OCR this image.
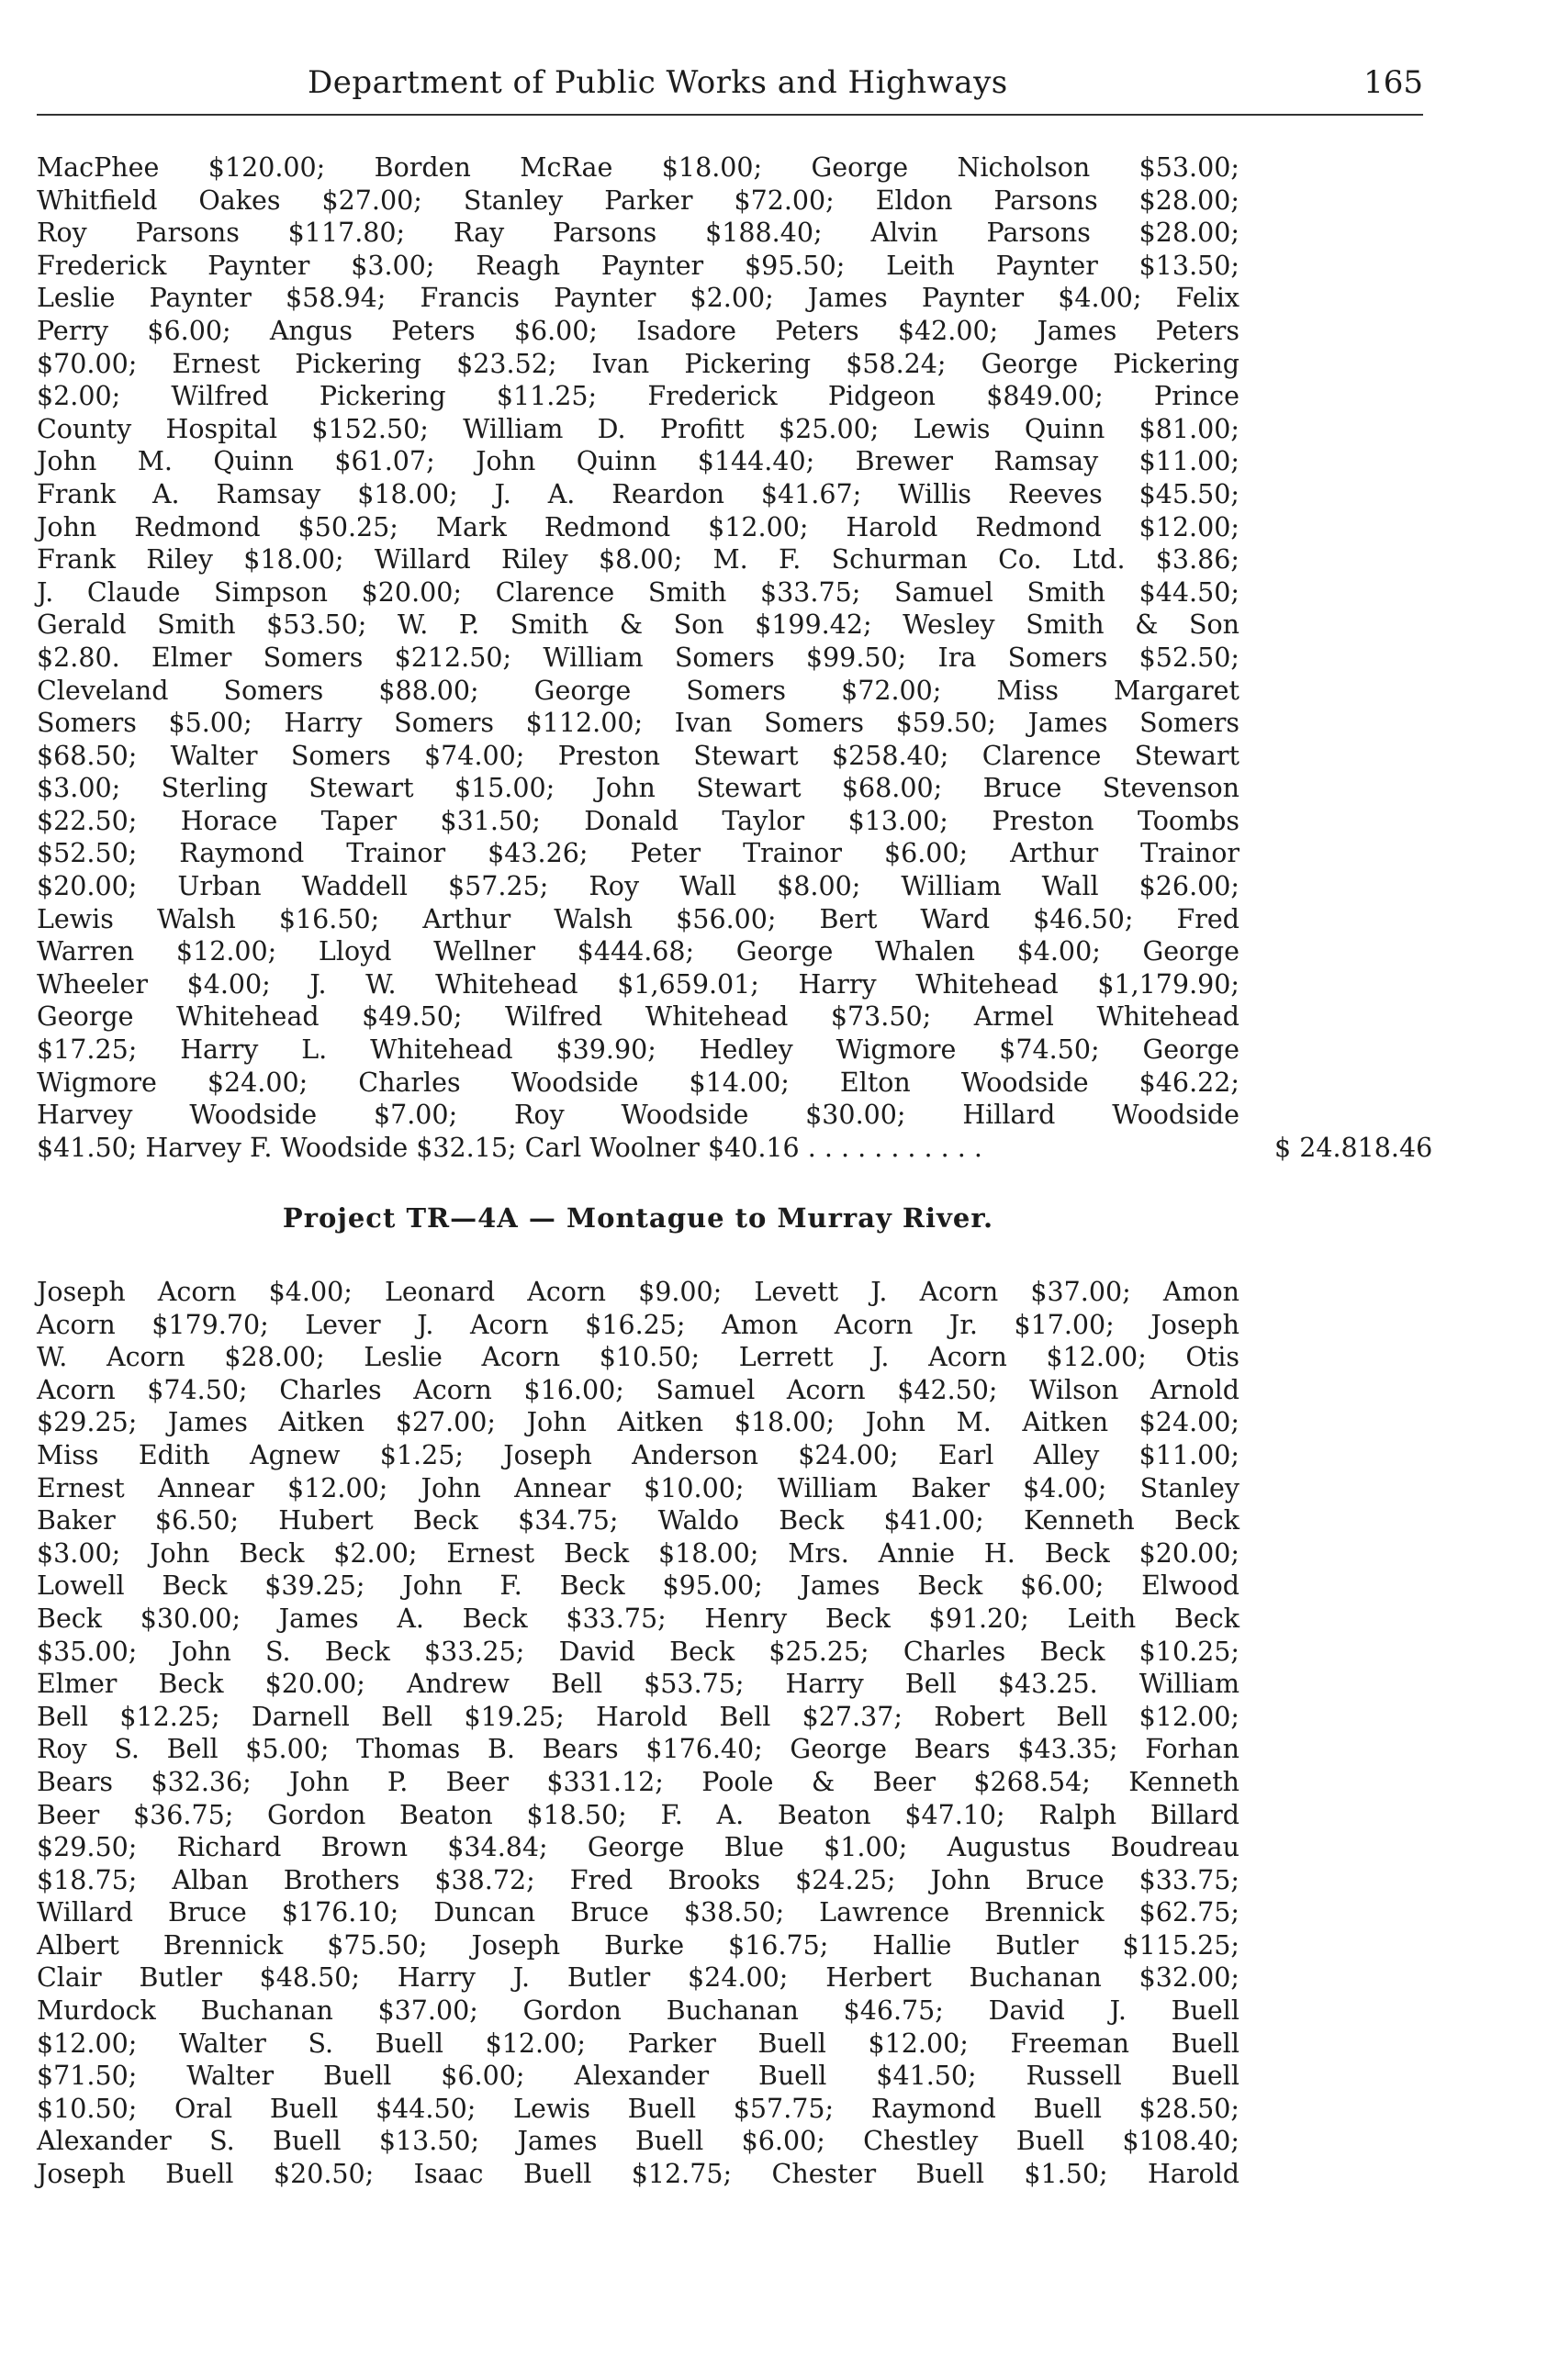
Department of Public Works and Highways	165
MacPhee $120.00; Borden McRae $18.00; George Nicholson $53.00;
Whitfield Oakes $27.00; Stanley Parker $72.00; Eldon Parsons $28.00;
Roy Parsons $117.80; Ray Parsons $188.40; Alvin Parsons $28.00;
Frederick Paynter $3.00; Reagh Paynter $95.50; Leith Paynter $13.50;
Leslie Paynter $58.94; Francis Paynter $2.00; James Paynter $4.00; Felix
Perry $6.00; Angus Peters $6.00; Isadore Peters $42.00; James Peters
$70.00; Ernest Pickering $23.52; Ivan Pickering $58.24; George Pickering
$2.00; Wilfred Pickering $11.25; Frederick Pidgeon $849.00; Prince
County Hospital $152.50; William D. Profitt $25.00; Lewis Quinn $81.00;
John M. Quinn $61.07; John Quinn $144.40; Brewer Ramsay $11.00;
Frank A. Ramsay $18.00; J. A. Reardon $41.67; Willis Reeves $45.50;
John Redmond $50.25; Mark Redmond $12.00; Harold Redmond $12.00;
Frank Riley $18.00; Willard Riley $8.00; M. F. Schurman Co. Ltd. $3.86;
J. Claude Simpson $20.00; Clarence Smith $33.75; Samuel Smith $44.50;
Gerald Smith $53.50; W. P. Smith & Son $199.42; Wesley Smith & Son
$2.80. Elmer Somers $212.50; William Somers $99.50; Ira Somers $52.50;
Cleveland Somers $88.00; George Somers $72.00; Miss Margaret
Somers $5.00; Harry Somers $112.00; Ivan Somers $59.50; James Somers
$68.50; Walter Somers $74.00; Preston Stewart $258.40; Clarence Stewart
$3.00; Sterling Stewart $15.00; John Stewart $68.00; Bruce Stevenson
$22.50; Horace Taper $31.50; Donald Taylor $13.00; Preston Toombs
$52.50; Raymond Trainor $43.26; Peter Trainor $6.00; Arthur Trainor
$20.00; Urban Waddell $57.25; Roy Wall $8.00; William Wall $26.00;
Lewis Walsh $16.50; Arthur Walsh $56.00; Bert Ward $46.50; Fred
Warren $12.00; Lloyd Wellner $444.68; George Whalen $4.00; George
Wheeler $4.00; J. W. Whitehead $1,659.01; Harry Whitehead $1,179.90;
George Whitehead $49.50; Wilfred Whitehead $73.50; Armel Whitehead
$17.25; Harry L. Whitehead $39.90; Hedley Wigmore $74.50; George
Wigmore $24.00; Charles Woodside $14.00; Elton Woodside $46.22;
Harvey Woodside $7.00; Roy Woodside $30.00; Hillard Woodside
$41.50; Harvey F. Woodside $32.15; Carl Woolner $40.16 . . . . . . . . . . .	$ 24.818.46
Project TR—4A — Montague to Murray River.
Joseph Acorn $4.00; Leonard Acorn $9.00; Levett J. Acorn $37.00; Amon
Acorn $179.70; Lever J. Acorn $16.25; Amon Acorn Jr. $17.00; Joseph
W. Acorn $28.00; Leslie Acorn $10.50; Lerrett J. Acorn $12.00; Otis
Acorn $74.50; Charles Acorn $16.00; Samuel Acorn $42.50; Wilson Arnold
$29.25; James Aitken $27.00; John Aitken $18.00; John M. Aitken $24.00;
Miss Edith Agnew $1.25; Joseph Anderson $24.00; Earl Alley $11.00;
Ernest Annear $12.00; John Annear $10.00; William Baker $4.00; Stanley
Baker $6.50; Hubert Beck $34.75; Waldo Beck $41.00; Kenneth Beck
$3.00; John Beck $2.00; Ernest Beck $18.00; Mrs. Annie H. Beck $20.00;
Lowell Beck $39.25; John F. Beck $95.00; James Beck $6.00; Elwood
Beck $30.00; James A. Beck $33.75; Henry Beck $91.20; Leith Beck
$35.00; John S. Beck $33.25; David Beck $25.25; Charles Beck $10.25;
Elmer Beck $20.00; Andrew Bell $53.75; Harry Bell $43.25. William
Bell $12.25; Darnell Bell $19.25; Harold Bell $27.37; Robert Bell $12.00;
Roy S. Bell $5.00; Thomas B. Bears $176.40; George Bears $43.35; Forhan
Bears $32.36; John P. Beer $331.12; Poole & Beer $268.54; Kenneth
Beer $36.75; Gordon Beaton $18.50; F. A. Beaton $47.10; Ralph Billard
$29.50; Richard Brown $34.84; George Blue $1.00; Augustus Boudreau
$18.75; Alban Brothers $38.72; Fred Brooks $24.25; John Bruce $33.75;
Willard Bruce $176.10; Duncan Bruce $38.50; Lawrence Brennick $62.75;
Albert Brennick $75.50; Joseph Burke $16.75; Hallie Butler $115.25;
Clair Butler $48.50; Harry J. Butler $24.00; Herbert Buchanan $32.00;
Murdock Buchanan $37.00; Gordon Buchanan $46.75; David J. Buell
$12.00; Walter S. Buell $12.00; Parker Buell $12.00; Freeman Buell
$71.50; Walter Buell $6.00; Alexander Buell $41.50; Russell Buell
$10.50; Oral Buell $44.50; Lewis Buell $57.75; Raymond Buell $28.50;
Alexander S. Buell $13.50; James Buell $6.00; Chestley Buell $108.40;
Joseph Buell $20.50; Isaac Buell $12.75; Chester Buell $1.50; Harold
